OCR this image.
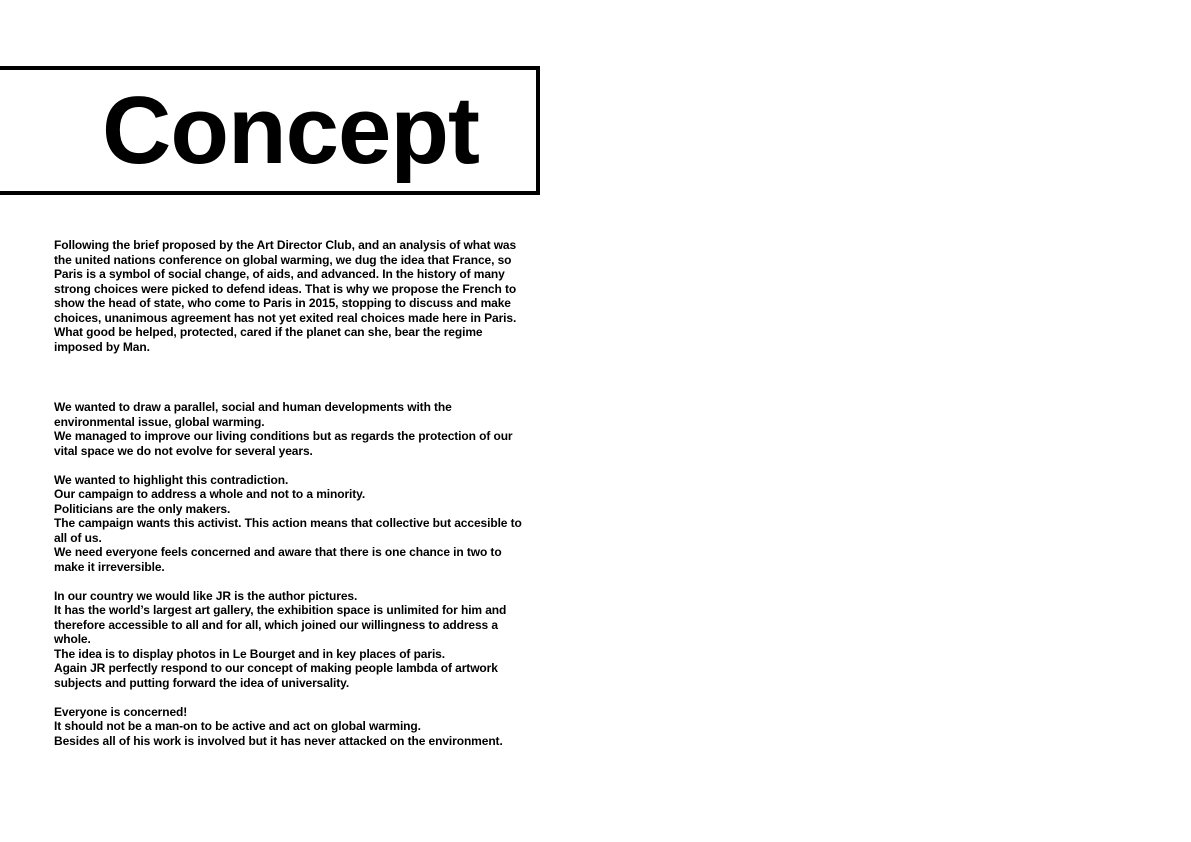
Concept

Following the brief proposed by the Art Director Club, and an analysis of what was the united nations conference on global warming, we dug the idea that France, so Paris is a symbol of social change, of aids, and advanced. In the history of many strong choices were picked to defend ideas. That is why we propose the French to show the head of state, who come to Paris in 2015, stopping to discuss and make choices, unanimous agreement has not yet exited real choices made here in Paris. What good be helped, protected, cared if the planet can she, bear the regime imposed by Man.

We wanted to draw a parallel, social and human developments with the environmental issue, global warming.

We managed to improve our living conditions but as regards the protection of our vital space we do not evolve for several years.

We wanted to highlight this contradiction.

Our campaign to address a whole and not to a minority.

Politicians are the only makers.

The campaign wants this activist. This action means that collective but accesible to all of us.

We need everyone feels concerned and aware that there is one chance in two to make it irreversible.

In our country we would like JR is the author pictures.

It has the world’s largest art gallery, the exhibition space is unlimited for him and therefore accessible to all and for all, which joined our willingness to address a whole.

The idea is to display photos in Le Bourget and in key places of paris.

Again JR perfectly respond to our concept of making people lambda of artwork subjects and putting forward the idea of universality.

Everyone is concerned!

It should not be a man-on to be active and act on global warming.

Besides all of his work is involved but it has never attacked on the environment.
